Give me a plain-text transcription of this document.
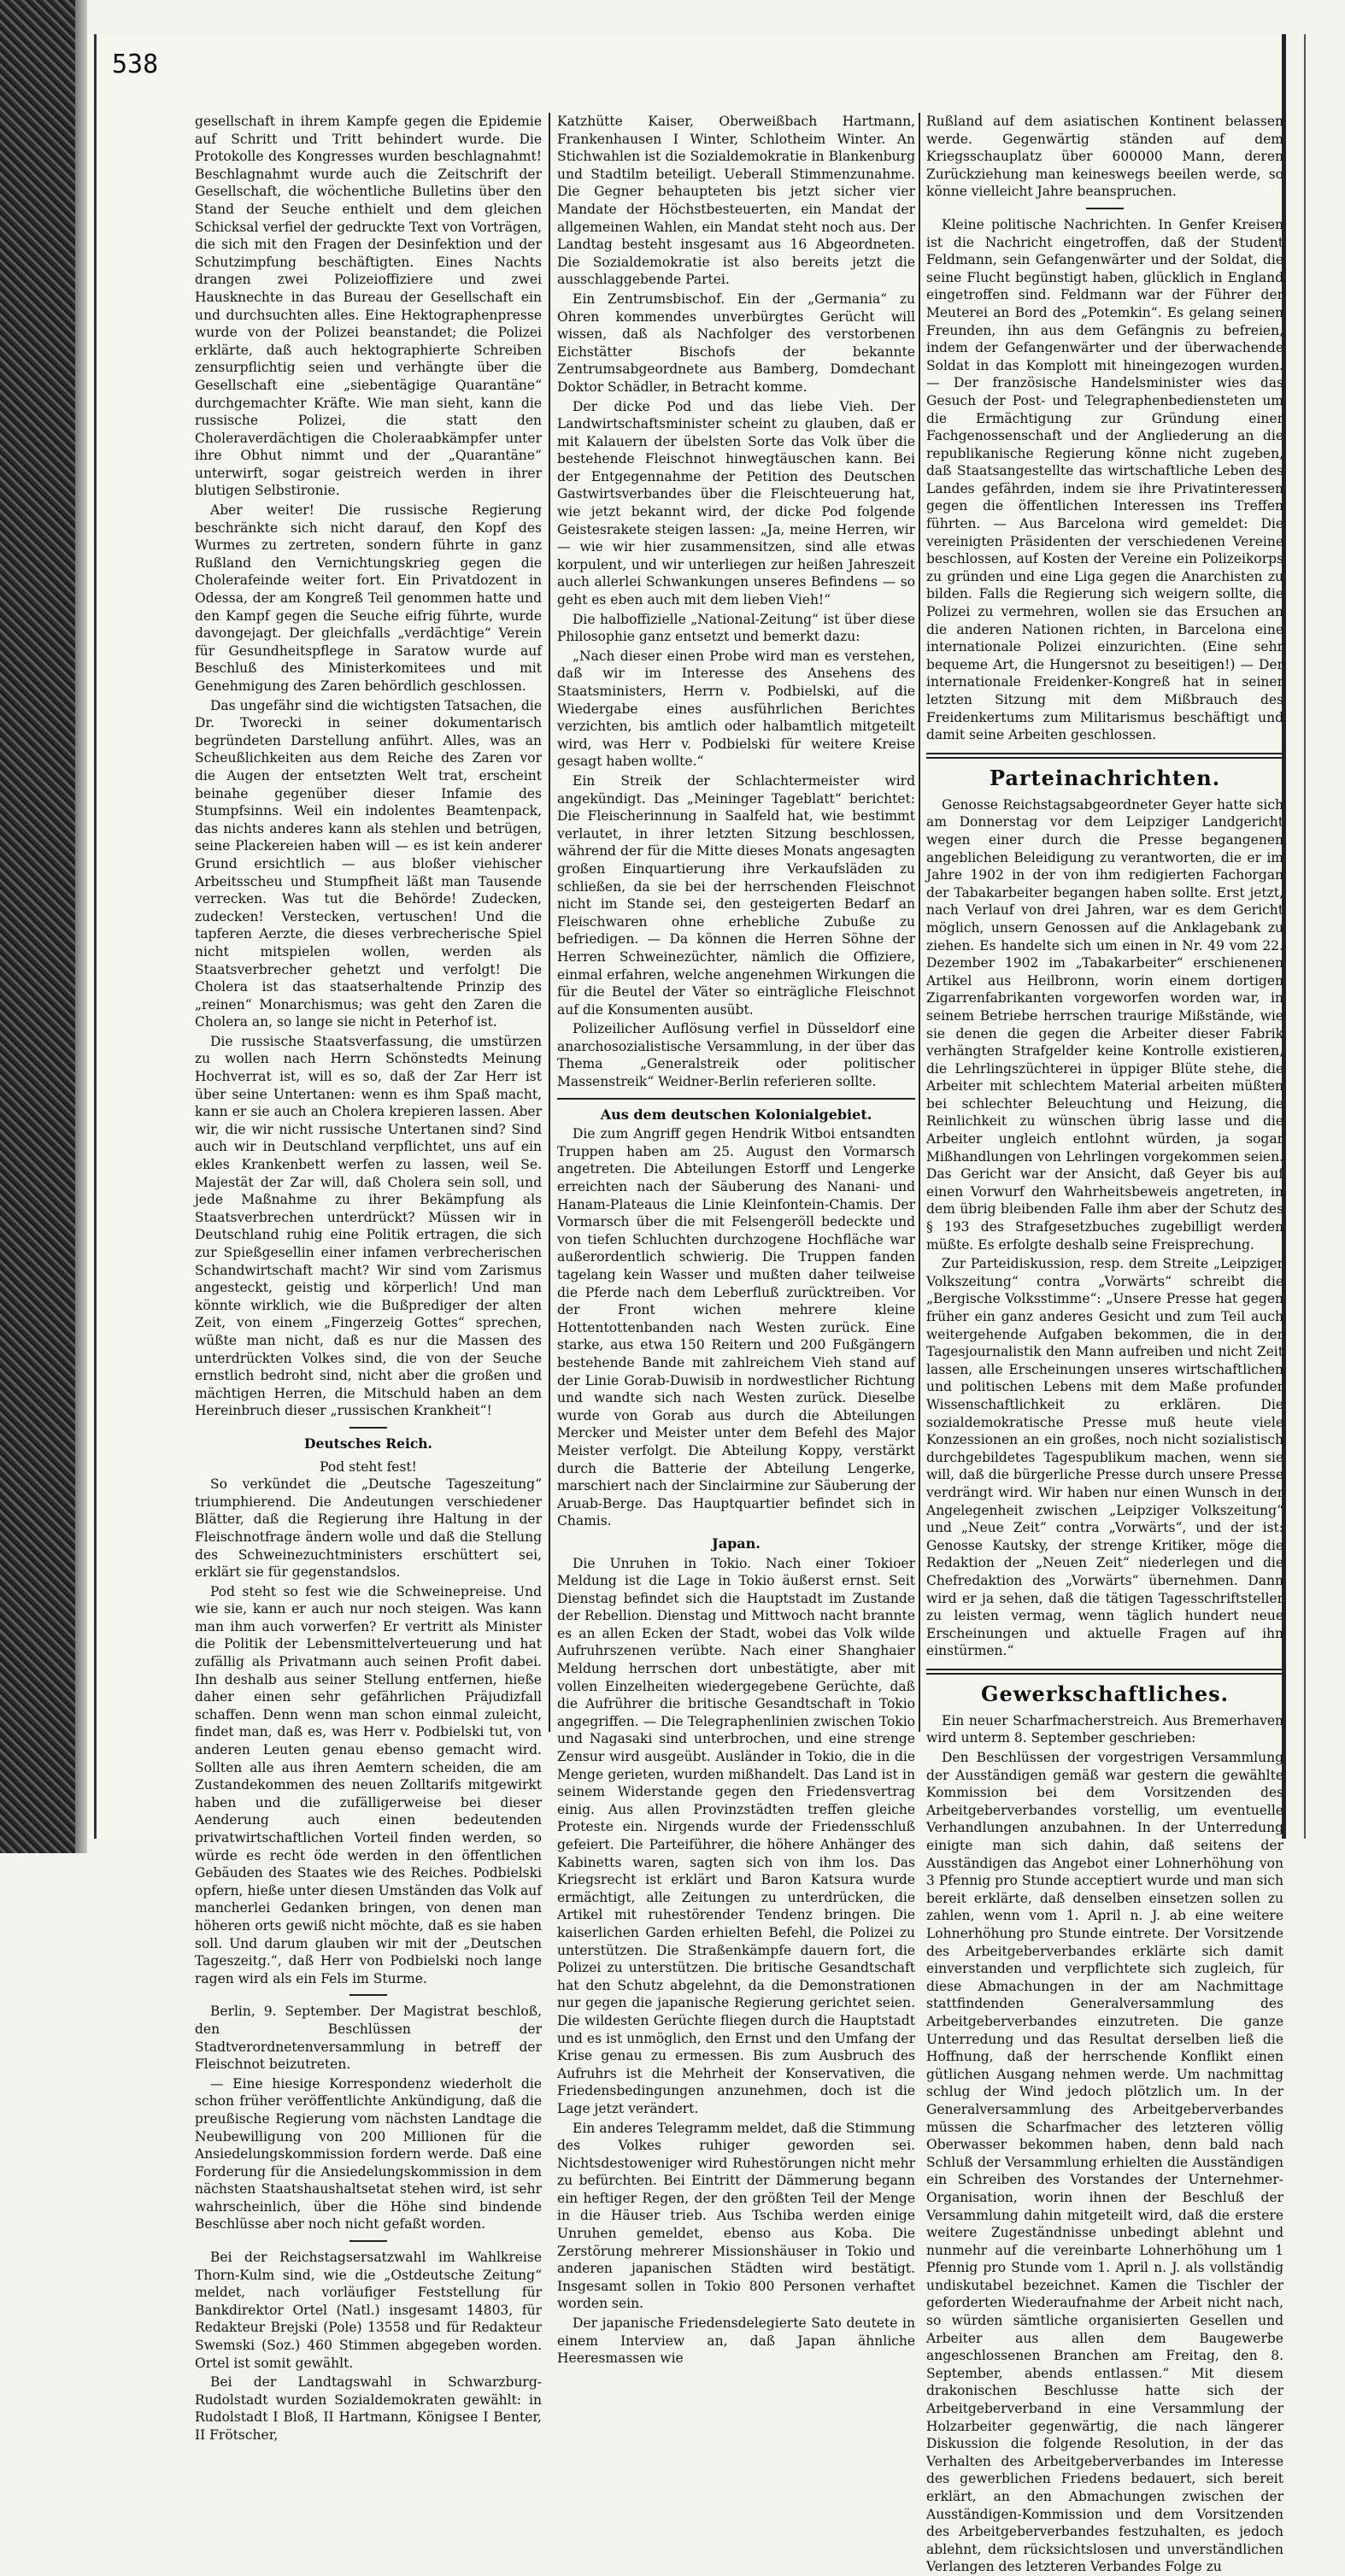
538

gesellschaft in ihrem Kampfe gegen die Epidemie auf Schritt und Tritt behindert wurde. Die Protokolle des Kongresses wurden beschlagnahmt! Beschlagnahmt wurde auch die Zeitschrift der Gesellschaft, die wöchentliche Bulletins über den Stand der Seuche enthielt und dem gleichen Schicksal verfiel der gedruckte Text von Vorträgen, die sich mit den Fragen der Desinfektion und der Schutzimpfung beschäftigten. Eines Nachts drangen zwei Polizeioffiziere und zwei Hausknechte in das Bureau der Gesellschaft ein und durchsuchten alles. Eine Hektographenpresse wurde von der Polizei beanstandet; die Polizei erklärte, daß auch hektographierte Schreiben zensurpflichtig seien und verhängte über die Gesellschaft eine „siebentägige Quarantäne“ durchgemachter Kräfte. Wie man sieht, kann die russische Polizei, die statt den Choleraverdächtigen die Choleraabkämpfer unter ihre Obhut nimmt und der „Quarantäne“ unterwirft, sogar geistreich werden in ihrer blutigen Selbstironie.

Aber weiter! Die russische Regierung beschränkte sich nicht darauf, den Kopf des Wurmes zu zertreten, sondern führte in ganz Rußland den Vernichtungskrieg gegen die Cholerafeinde weiter fort. Ein Privatdozent in Odessa, der am Kongreß Teil genommen hatte und den Kampf gegen die Seuche eifrig führte, wurde davongejagt. Der gleichfalls „verdächtige“ Verein für Gesundheitspflege in Saratow wurde auf Beschluß des Ministerkomitees und mit Genehmigung des Zaren behördlich geschlossen.

Das ungefähr sind die wichtigsten Tatsachen, die Dr. Tworecki in seiner dokumentarisch begründeten Darstellung anführt. Alles, was an Scheußlichkeiten aus dem Reiche des Zaren vor die Augen der entsetzten Welt trat, erscheint beinahe gegenüber dieser Infamie des Stumpfsinns. Weil ein indolentes Beamtenpack, das nichts anderes kann als stehlen und betrügen, seine Plackereien haben will — es ist kein anderer Grund ersichtlich — aus bloßer viehischer Arbeitsscheu und Stumpfheit läßt man Tausende verrecken. Was tut die Behörde! Zudecken, zudecken! Verstecken, vertuschen! Und die tapferen Aerzte, die dieses verbrecherische Spiel nicht mitspielen wollen, werden als Staatsverbrecher gehetzt und verfolgt! Die Cholera ist das staatserhaltende Prinzip des „reinen“ Monarchismus; was geht den Zaren die Cholera an, so lange sie nicht in Peterhof ist.

Die russische Staatsverfassung, die umstürzen zu wollen nach Herrn Schönstedts Meinung Hochverrat ist, will es so, daß der Zar Herr ist über seine Untertanen: wenn es ihm Spaß macht, kann er sie auch an Cholera krepieren lassen. Aber wir, die wir nicht russische Untertanen sind? Sind auch wir in Deutschland verpflichtet, uns auf ein ekles Krankenbett werfen zu lassen, weil Se. Majestät der Zar will, daß Cholera sein soll, und jede Maßnahme zu ihrer Bekämpfung als Staatsverbrechen unterdrückt? Müssen wir in Deutschland ruhig eine Politik ertragen, die sich zur Spießgesellin einer infamen verbrecherischen Schandwirtschaft macht? Wir sind vom Zarismus angesteckt, geistig und körperlich! Und man könnte wirklich, wie die Bußprediger der alten Zeit, von einem „Fingerzeig Gottes“ sprechen, wüßte man nicht, daß es nur die Massen des unterdrückten Volkes sind, die von der Seuche ernstlich bedroht sind, nicht aber die großen und mächtigen Herren, die Mitschuld haben an dem Hereinbruch dieser „russischen Krankheit“!

Deutsches Reich.
Pod steht fest!

So verkündet die „Deutsche Tageszeitung“ triumphierend. Die Andeutungen verschiedener Blätter, daß die Regierung ihre Haltung in der Fleischnotfrage ändern wolle und daß die Stellung des Schweinezuchtministers erschüttert sei, erklärt sie für gegenstandslos.

Pod steht so fest wie die Schweinepreise. Und wie sie, kann er auch nur noch steigen. Was kann man ihm auch vorwerfen? Er vertritt als Minister die Politik der Lebensmittelverteuerung und hat zufällig als Privatmann auch seinen Profit dabei. Ihn deshalb aus seiner Stellung entfernen, hieße daher einen sehr gefährlichen Präjudizfall schaffen. Denn wenn man schon einmal zuleicht, findet man, daß es, was Herr v. Podbielski tut, von anderen Leuten genau ebenso gemacht wird. Sollten alle aus ihren Aemtern scheiden, die am Zustandekommen des neuen Zolltarifs mitgewirkt haben und die zufälligerweise bei dieser Aenderung auch einen bedeutenden privatwirtschaftlichen Vorteil finden werden, so würde es recht öde werden in den öffentlichen Gebäuden des Staates wie des Reiches. Podbielski opfern, hieße unter diesen Umständen das Volk auf mancherlei Gedanken bringen, von denen man höheren orts gewiß nicht möchte, daß es sie haben soll. Und darum glauben wir mit der „Deutschen Tageszeitg.“, daß Herr von Podbielski noch lange ragen wird als ein Fels im Sturme.

Berlin, 9. September. Der Magistrat beschloß, den Beschlüssen der Stadtverordnetenversammlung in betreff der Fleischnot beizutreten.

— Eine hiesige Korrespondenz wiederholt die schon früher veröffentlichte Ankündigung, daß die preußische Regierung vom nächsten Landtage die Neubewilligung von 200 Millionen für die Ansiedelungskommission fordern werde. Daß eine Forderung für die Ansiedelungskommission in dem nächsten Staatshaushaltsetat stehen wird, ist sehr wahrscheinlich, über die Höhe sind bindende Beschlüsse aber noch nicht gefaßt worden.

Bei der Reichstagsersatzwahl im Wahlkreise Thorn-Kulm sind, wie die „Ostdeutsche Zeitung“ meldet, nach vorläufiger Feststellung für Bankdirektor Ortel (Natl.) insgesamt 14803, für Redakteur Brejski (Pole) 13558 und für Redakteur Swemski (Soz.) 460 Stimmen abgegeben worden. Ortel ist somit gewählt.

Bei der Landtagswahl in Schwarzburg-Rudolstadt wurden Sozialdemokraten gewählt: in Rudolstadt I Bloß, II Hartmann, Königsee I Benter, II Frötscher,

Katzhütte Kaiser, Oberweißbach Hartmann, Frankenhausen I Winter, Schlotheim Winter. An Stichwahlen ist die Sozialdemokratie in Blankenburg und Stadtilm beteiligt. Ueberall Stimmenzunahme. Die Gegner behaupteten bis jetzt sicher vier Mandate der Höchstbesteuerten, ein Mandat der allgemeinen Wahlen, ein Mandat steht noch aus. Der Landtag besteht insgesamt aus 16 Abgeordneten. Die Sozialdemokratie ist also bereits jetzt die ausschlaggebende Partei.

Ein Zentrumsbischof. Ein der „Germania“ zu Ohren kommendes unverbürgtes Gerücht will wissen, daß als Nachfolger des verstorbenen Eichstätter Bischofs der bekannte Zentrumsabgeordnete aus Bamberg, Domdechant Doktor Schädler, in Betracht komme.

Der dicke Pod und das liebe Vieh. Der Landwirtschaftsminister scheint zu glauben, daß er mit Kalauern der übelsten Sorte das Volk über die bestehende Fleischnot hinwegtäuschen kann. Bei der Entgegennahme der Petition des Deutschen Gastwirtsverbandes über die Fleischteuerung hat, wie jetzt bekannt wird, der dicke Pod folgende Geistesrakete steigen lassen: „Ja, meine Herren, wir — wie wir hier zusammensitzen, sind alle etwas korpulent, und wir unterliegen zur heißen Jahreszeit auch allerlei Schwankungen unseres Befindens — so geht es eben auch mit dem lieben Vieh!“

Die halboffizielle „National-Zeitung“ ist über diese Philosophie ganz entsetzt und bemerkt dazu:

„Nach dieser einen Probe wird man es verstehen, daß wir im Interesse des Ansehens des Staatsministers, Herrn v. Podbielski, auf die Wiedergabe eines ausführlichen Berichtes verzichten, bis amtlich oder halbamtlich mitgeteilt wird, was Herr v. Podbielski für weitere Kreise gesagt haben wollte.“

Ein Streik der Schlachtermeister wird angekündigt. Das „Meininger Tageblatt“ berichtet: Die Fleischerinnung in Saalfeld hat, wie bestimmt verlautet, in ihrer letzten Sitzung beschlossen, während der für die Mitte dieses Monats angesagten großen Einquartierung ihre Verkaufsläden zu schließen, da sie bei der herrschenden Fleischnot nicht im Stande sei, den gesteigerten Bedarf an Fleischwaren ohne erhebliche Zubuße zu befriedigen. — Da können die Herren Söhne der Herren Schweinezüchter, nämlich die Offiziere, einmal erfahren, welche angenehmen Wirkungen die für die Beutel der Väter so einträgliche Fleischnot auf die Konsumenten ausübt.

Polizeilicher Auflösung verfiel in Düsseldorf eine anarchosozialistische Versammlung, in der über das Thema „Generalstreik oder politischer Massenstreik“ Weidner-Berlin referieren sollte.

Aus dem deutschen Kolonialgebiet.

Die zum Angriff gegen Hendrik Witboi entsandten Truppen haben am 25. August den Vormarsch angetreten. Die Abteilungen Estorff und Lengerke erreichten nach der Säuberung des Nanani- und Hanam-Plateaus die Linie Kleinfontein-Chamis. Der Vormarsch über die mit Felsengeröll bedeckte und von tiefen Schluchten durchzogene Hochfläche war außerordentlich schwierig. Die Truppen fanden tagelang kein Wasser und mußten daher teilweise die Pferde nach dem Leberfluß zurücktreiben. Vor der Front wichen mehrere kleine Hottentottenbanden nach Westen zurück. Eine starke, aus etwa 150 Reitern und 200 Fußgängern bestehende Bande mit zahlreichem Vieh stand auf der Linie Gorab-Duwisib in nordwestlicher Richtung und wandte sich nach Westen zurück. Dieselbe wurde von Gorab aus durch die Abteilungen Mercker und Meister unter dem Befehl des Major Meister verfolgt. Die Abteilung Koppy, verstärkt durch die Batterie der Abteilung Lengerke, marschiert nach der Sinclairmine zur Säuberung der Aruab-Berge. Das Hauptquartier befindet sich in Chamis.

Japan.

Die Unruhen in Tokio. Nach einer Tokioer Meldung ist die Lage in Tokio äußerst ernst. Seit Dienstag befindet sich die Hauptstadt im Zustande der Rebellion. Dienstag und Mittwoch nacht brannte es an allen Ecken der Stadt, wobei das Volk wilde Aufruhrszenen verübte. Nach einer Shanghaier Meldung herrschen dort unbestätigte, aber mit vollen Einzelheiten wiedergegebene Gerüchte, daß die Aufrührer die britische Gesandtschaft in Tokio angegriffen. — Die Telegraphenlinien zwischen Tokio und Nagasaki sind unterbrochen, und eine strenge Zensur wird ausgeübt. Ausländer in Tokio, die in die Menge gerieten, wurden mißhandelt. Das Land ist in seinem Widerstande gegen den Friedensvertrag einig. Aus allen Provinzstädten treffen gleiche Proteste ein. Nirgends wurde der Friedensschluß gefeiert. Die Parteiführer, die höhere Anhänger des Kabinetts waren, sagten sich von ihm los. Das Kriegsrecht ist erklärt und Baron Katsura wurde ermächtigt, alle Zeitungen zu unterdrücken, die Artikel mit ruhestörender Tendenz bringen. Die kaiserlichen Garden erhielten Befehl, die Polizei zu unterstützen. Die Straßenkämpfe dauern fort, die Polizei zu unterstützen. Die britische Gesandtschaft hat den Schutz abgelehnt, da die Demonstrationen nur gegen die japanische Regierung gerichtet seien. Die wildesten Gerüchte fliegen durch die Hauptstadt und es ist unmöglich, den Ernst und den Umfang der Krise genau zu ermessen. Bis zum Ausbruch des Aufruhrs ist die Mehrheit der Konservativen, die Friedensbedingungen anzunehmen, doch ist die Lage jetzt verändert.

Ein anderes Telegramm meldet, daß die Stimmung des Volkes ruhiger geworden sei. Nichtsdestoweniger wird Ruhestörungen nicht mehr zu befürchten. Bei Eintritt der Dämmerung begann ein heftiger Regen, der den größten Teil der Menge in die Häuser trieb. Aus Tschiba werden einige Unruhen gemeldet, ebenso aus Koba. Die Zerstörung mehrerer Missionshäuser in Tokio und anderen japanischen Städten wird bestätigt. Insgesamt sollen in Tokio 800 Personen verhaftet worden sein.

Der japanische Friedensdelegierte Sato deutete in einem Interview an, daß Japan ähnliche Heeresmassen wie

Rußland auf dem asiatischen Kontinent belassen werde. Gegenwärtig ständen auf dem Kriegsschauplatz über 600000 Mann, deren Zurückziehung man keineswegs beeilen werde, so könne vielleicht Jahre beanspruchen.

Kleine politische Nachrichten. In Genfer Kreisen ist die Nachricht eingetroffen, daß der Student Feldmann, sein Gefangenwärter und der Soldat, die seine Flucht begünstigt haben, glücklich in England eingetroffen sind. Feldmann war der Führer der Meuterei an Bord des „Potemkin“. Es gelang seinen Freunden, ihn aus dem Gefängnis zu befreien, indem der Gefangenwärter und der überwachende Soldat in das Komplott mit hineingezogen wurden. — Der französische Handelsminister wies das Gesuch der Post- und Telegraphenbediensteten um die Ermächtigung zur Gründung einer Fachgenossenschaft und der Angliederung an die republikanische Regierung könne nicht zugeben, daß Staatsangestellte das wirtschaftliche Leben des Landes gefährden, indem sie ihre Privatinteressen gegen die öffentlichen Interessen ins Treffen führten. — Aus Barcelona wird gemeldet: Die vereinigten Präsidenten der verschiedenen Vereine beschlossen, auf Kosten der Vereine ein Polizeikorps zu gründen und eine Liga gegen die Anarchisten zu bilden. Falls die Regierung sich weigern sollte, die Polizei zu vermehren, wollen sie das Ersuchen an die anderen Nationen richten, in Barcelona eine internationale Polizei einzurichten. (Eine sehr bequeme Art, die Hungersnot zu beseitigen!) — Der internationale Freidenker-Kongreß hat in seiner letzten Sitzung mit dem Mißbrauch des Freidenkertums zum Militarismus beschäftigt und damit seine Arbeiten geschlossen.

Parteinachrichten.

Genosse Reichstagsabgeordneter Geyer hatte sich am Donnerstag vor dem Leipziger Landgericht wegen einer durch die Presse begangenen angeblichen Beleidigung zu verantworten, die er im Jahre 1902 in der von ihm redigierten Fachorgan der Tabakarbeiter begangen haben sollte. Erst jetzt, nach Verlauf von drei Jahren, war es dem Gericht möglich, unsern Genossen auf die Anklagebank zu ziehen. Es handelte sich um einen in Nr. 49 vom 22. Dezember 1902 im „Tabakarbeiter“ erschienenen Artikel aus Heilbronn, worin einem dortigen Zigarrenfabrikanten vorgeworfen worden war, in seinem Betriebe herrschen traurige Mißstände, wie sie denen die gegen die Arbeiter dieser Fabrik verhängten Strafgelder keine Kontrolle existieren, die Lehrlingszüchterei in üppiger Blüte stehe, die Arbeiter mit schlechtem Material arbeiten müßten bei schlechter Beleuchtung und Heizung, die Reinlichkeit zu wünschen übrig lasse und die Arbeiter ungleich entlohnt würden, ja sogar Mißhandlungen von Lehrlingen vorgekommen seien. Das Gericht war der Ansicht, daß Geyer bis auf einen Vorwurf den Wahrheitsbeweis angetreten, in dem übrig bleibenden Falle ihm aber der Schutz des § 193 des Strafgesetzbuches zugebilligt werden müßte. Es erfolgte deshalb seine Freisprechung.

Zur Parteidiskussion, resp. dem Streite „Leipziger Volkszeitung“ contra „Vorwärts“ schreibt die „Bergische Volksstimme“: „Unsere Presse hat gegen früher ein ganz anderes Gesicht und zum Teil auch weitergehende Aufgaben bekommen, die in der Tagesjournalistik den Mann aufreiben und nicht Zeit lassen, alle Erscheinungen unseres wirtschaftlichen und politischen Lebens mit dem Maße profunder Wissenschaftlichkeit zu erklären. Die sozialdemokratische Presse muß heute viele Konzessionen an ein großes, noch nicht sozialistisch durchgebildetes Tagespublikum machen, wenn sie will, daß die bürgerliche Presse durch unsere Presse verdrängt wird. Wir haben nur einen Wunsch in der Angelegenheit zwischen „Leipziger Volkszeitung“ und „Neue Zeit“ contra „Vorwärts“, und der ist: Genosse Kautsky, der strenge Kritiker, möge die Redaktion der „Neuen Zeit“ niederlegen und die Chefredaktion des „Vorwärts“ übernehmen. Dann wird er ja sehen, daß die tätigen Tagesschriftsteller zu leisten vermag, wenn täglich hundert neue Erscheinungen und aktuelle Fragen auf ihn einstürmen.“

Gewerkschaftliches.

Ein neuer Scharfmacherstreich. Aus Bremerhaven wird unterm 8. September geschrieben:

Den Beschlüssen der vorgestrigen Versammlung der Ausständigen gemäß war gestern die gewählte Kommission bei dem Vorsitzenden des Arbeitgeberverbandes vorstellig, um eventuelle Verhandlungen anzubahnen. In der Unterredung einigte man sich dahin, daß seitens der Ausständigen das Angebot einer Lohnerhöhung von 3 Pfennig pro Stunde acceptiert wurde und man sich bereit erklärte, daß denselben einsetzen sollen zu zahlen, wenn vom 1. April n. J. ab eine weitere Lohnerhöhung pro Stunde eintrete. Der Vorsitzende des Arbeitgeberverbandes erklärte sich damit einverstanden und verpflichtete sich zugleich, für diese Abmachungen in der am Nachmittage stattfindenden Generalversammlung des Arbeitgeberverbandes einzutreten. Die ganze Unterredung und das Resultat derselben ließ die Hoffnung, daß der herrschende Konflikt einen gütlichen Ausgang nehmen werde. Um nachmittag schlug der Wind jedoch plötzlich um. In der Generalversammlung des Arbeitgeberverbandes müssen die Scharfmacher des letzteren völlig Oberwasser bekommen haben, denn bald nach Schluß der Versammlung erhielten die Ausständigen ein Schreiben des Vorstandes der Unternehmer-Organisation, worin ihnen der Beschluß der Versammlung dahin mitgeteilt wird, daß die erstere weitere Zugeständnisse unbedingt ablehnt und nunmehr auf die vereinbarte Lohnerhöhung um 1 Pfennig pro Stunde vom 1. April n. J. als vollständig undiskutabel bezeichnet. Kamen die Tischler der geforderten Wiederaufnahme der Arbeit nicht nach, so würden sämtliche organisierten Gesellen und Arbeiter aus allen dem Baugewerbe angeschlossenen Branchen am Freitag, den 8. September, abends entlassen.“ Mit diesem drakonischen Beschlusse hatte sich der Arbeitgeberverband in eine Versammlung der Holzarbeiter gegenwärtig, die nach längerer Diskussion die folgende Resolution, in der das Verhalten des Arbeitgeberverbandes im Interesse des gewerblichen Friedens bedauert, sich bereit erklärt, an den Abmachungen zwischen der Ausständigen-Kommission und dem Vorsitzenden des Arbeitgeberverbandes festzuhalten, es jedoch ablehnt, dem rücksichtslosen und unverständlichen Verlangen des letzteren Verbandes Folge zu
